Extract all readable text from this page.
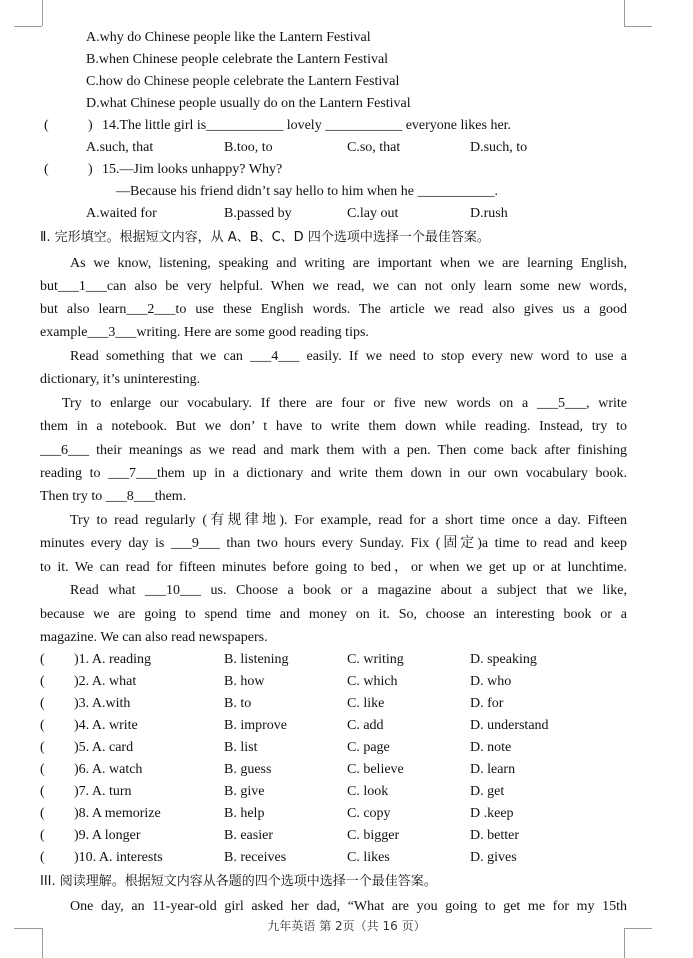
A.why do Chinese people like the Lantern Festival
B.when Chinese people celebrate the Lantern Festival
C.how do Chinese people celebrate the Lantern Festival
D.what Chinese people usually do on the Lantern Festival
(	) 14.The little girl is___________ lovely ___________ everyone likes her.
A.such, that	B.too, to	C.so, that	D.such, to
(	) 15.—Jim looks unhappy? Why?
—Because his friend didn’t say hello to him when he ___________.
A.waited for	B.passed by	C.lay out	D.rush
Ⅱ. 完形填空。根据短文内容，从 A、B、C、D 四个选项中选择一个最佳答案。
As we know, listening, speaking and writing are important when we are learning English,
but___1___can also be very helpful. When we read, we can not only learn some new words,
but also learn___2___to use these English words. The article we read also gives us a good
example___3___writing. Here are some good reading tips.
Read something that we can ___4___ easily. If we need to stop every new word to use a
dictionary, it’s uninteresting.
Try to enlarge our vocabulary. If there are four or five new words on a ___5___, write
them in a notebook. But we don’ t have to write them down while reading. Instead, try to
___6___ their meanings as we read and mark them with a pen. Then come back after finishing
reading to ___7___them up in a dictionary and write them down in our own vocabulary book.
Then try to ___8___them.
Try to read regularly (有规律地). For example, read for a short time once a day. Fifteen
minutes every day is ___9___ than two hours every Sunday. Fix (固定)a time to read and keep
to it. We can read for fifteen minutes before going to bed，or when we get up or at lunchtime.
Read what ___10___ us. Choose a book or a magazine about a subject that we like,
because we are going to spend time and money on it. So, choose an interesting book or a
magazine. We can also read newspapers.
( )1. A. reading	B. listening	C. writing	D. speaking
( )2. A. what	B. how	C. which	D. who
( )3. A.with	B. to	C. like	D. for
( )4. A. write	B. improve	C. add	D. understand
( )5. A. card	B. list	C. page	D. note
( )6. A. watch	B. guess	C. believe	D. learn
( )7. A. turn	B. give	C. look	D. get
( )8. A memorize	B. help	C. copy	D .keep
( )9. A longer	B. easier	C. bigger	D. better
( )10. A. interests	B. receives	C. likes	D. gives
III. 阅读理解。根据短文内容从各题的四个选项中选择一个最佳答案。
One day, an 11-year-old girl asked her dad, “What are you going to get me for my 15th
九年英语 第 2页（共 16 页）
